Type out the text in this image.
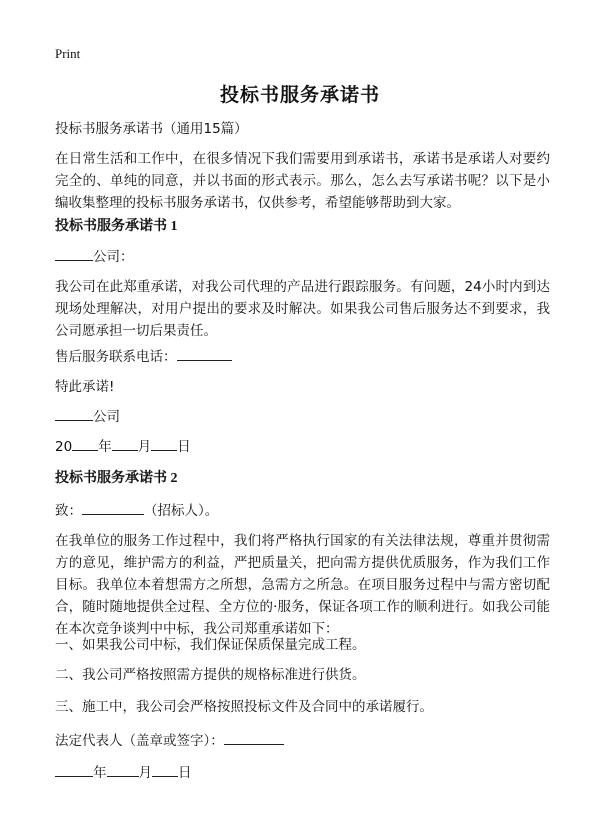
Print
投标书服务承诺书
投标书服务承诺书（通用15篇）
在日常生活和工作中，在很多情况下我们需要用到承诺书，承诺书是承诺人对要约完全的、单纯的同意，并以书面的形式表示。那么，怎么去写承诺书呢？以下是小编收集整理的投标书服务承诺书，仅供参考，希望能够帮助到大家。
投标书服务承诺书 1
公司：
我公司在此郑重承诺，对我公司代理的产品进行跟踪服务。有问题，24小时内到达现场处理解决，对用户提出的要求及时解决。如果我公司售后服务达不到要求，我公司愿承担一切后果责任。
售后服务联系电话：
特此承诺!
公司
20 年 月 日
投标书服务承诺书 2
致：	（招标人）。
在我单位的服务工作过程中，我们将严格执行国家的有关法律法规，尊重并贯彻需方的意见，维护需方的利益，严把质量关，把向需方提供优质服务，作为我们工作目标。我单位本着想需方之所想，急需方之所急。在项目服务过程中与需方密切配合，随时随地提供全过程、全方位的·服务，保证各项工作的顺利进行。如我公司能在本次竞争谈判中中标，我公司郑重承诺如下：
一、如果我公司中标，我们保证保质保量完成工程。
二、我公司严格按照需方提供的规格标准进行供货。
三、施工中，我公司会严格按照投标文件及合同中的承诺履行。
法定代表人（盖章或签字）：
年 月 日
